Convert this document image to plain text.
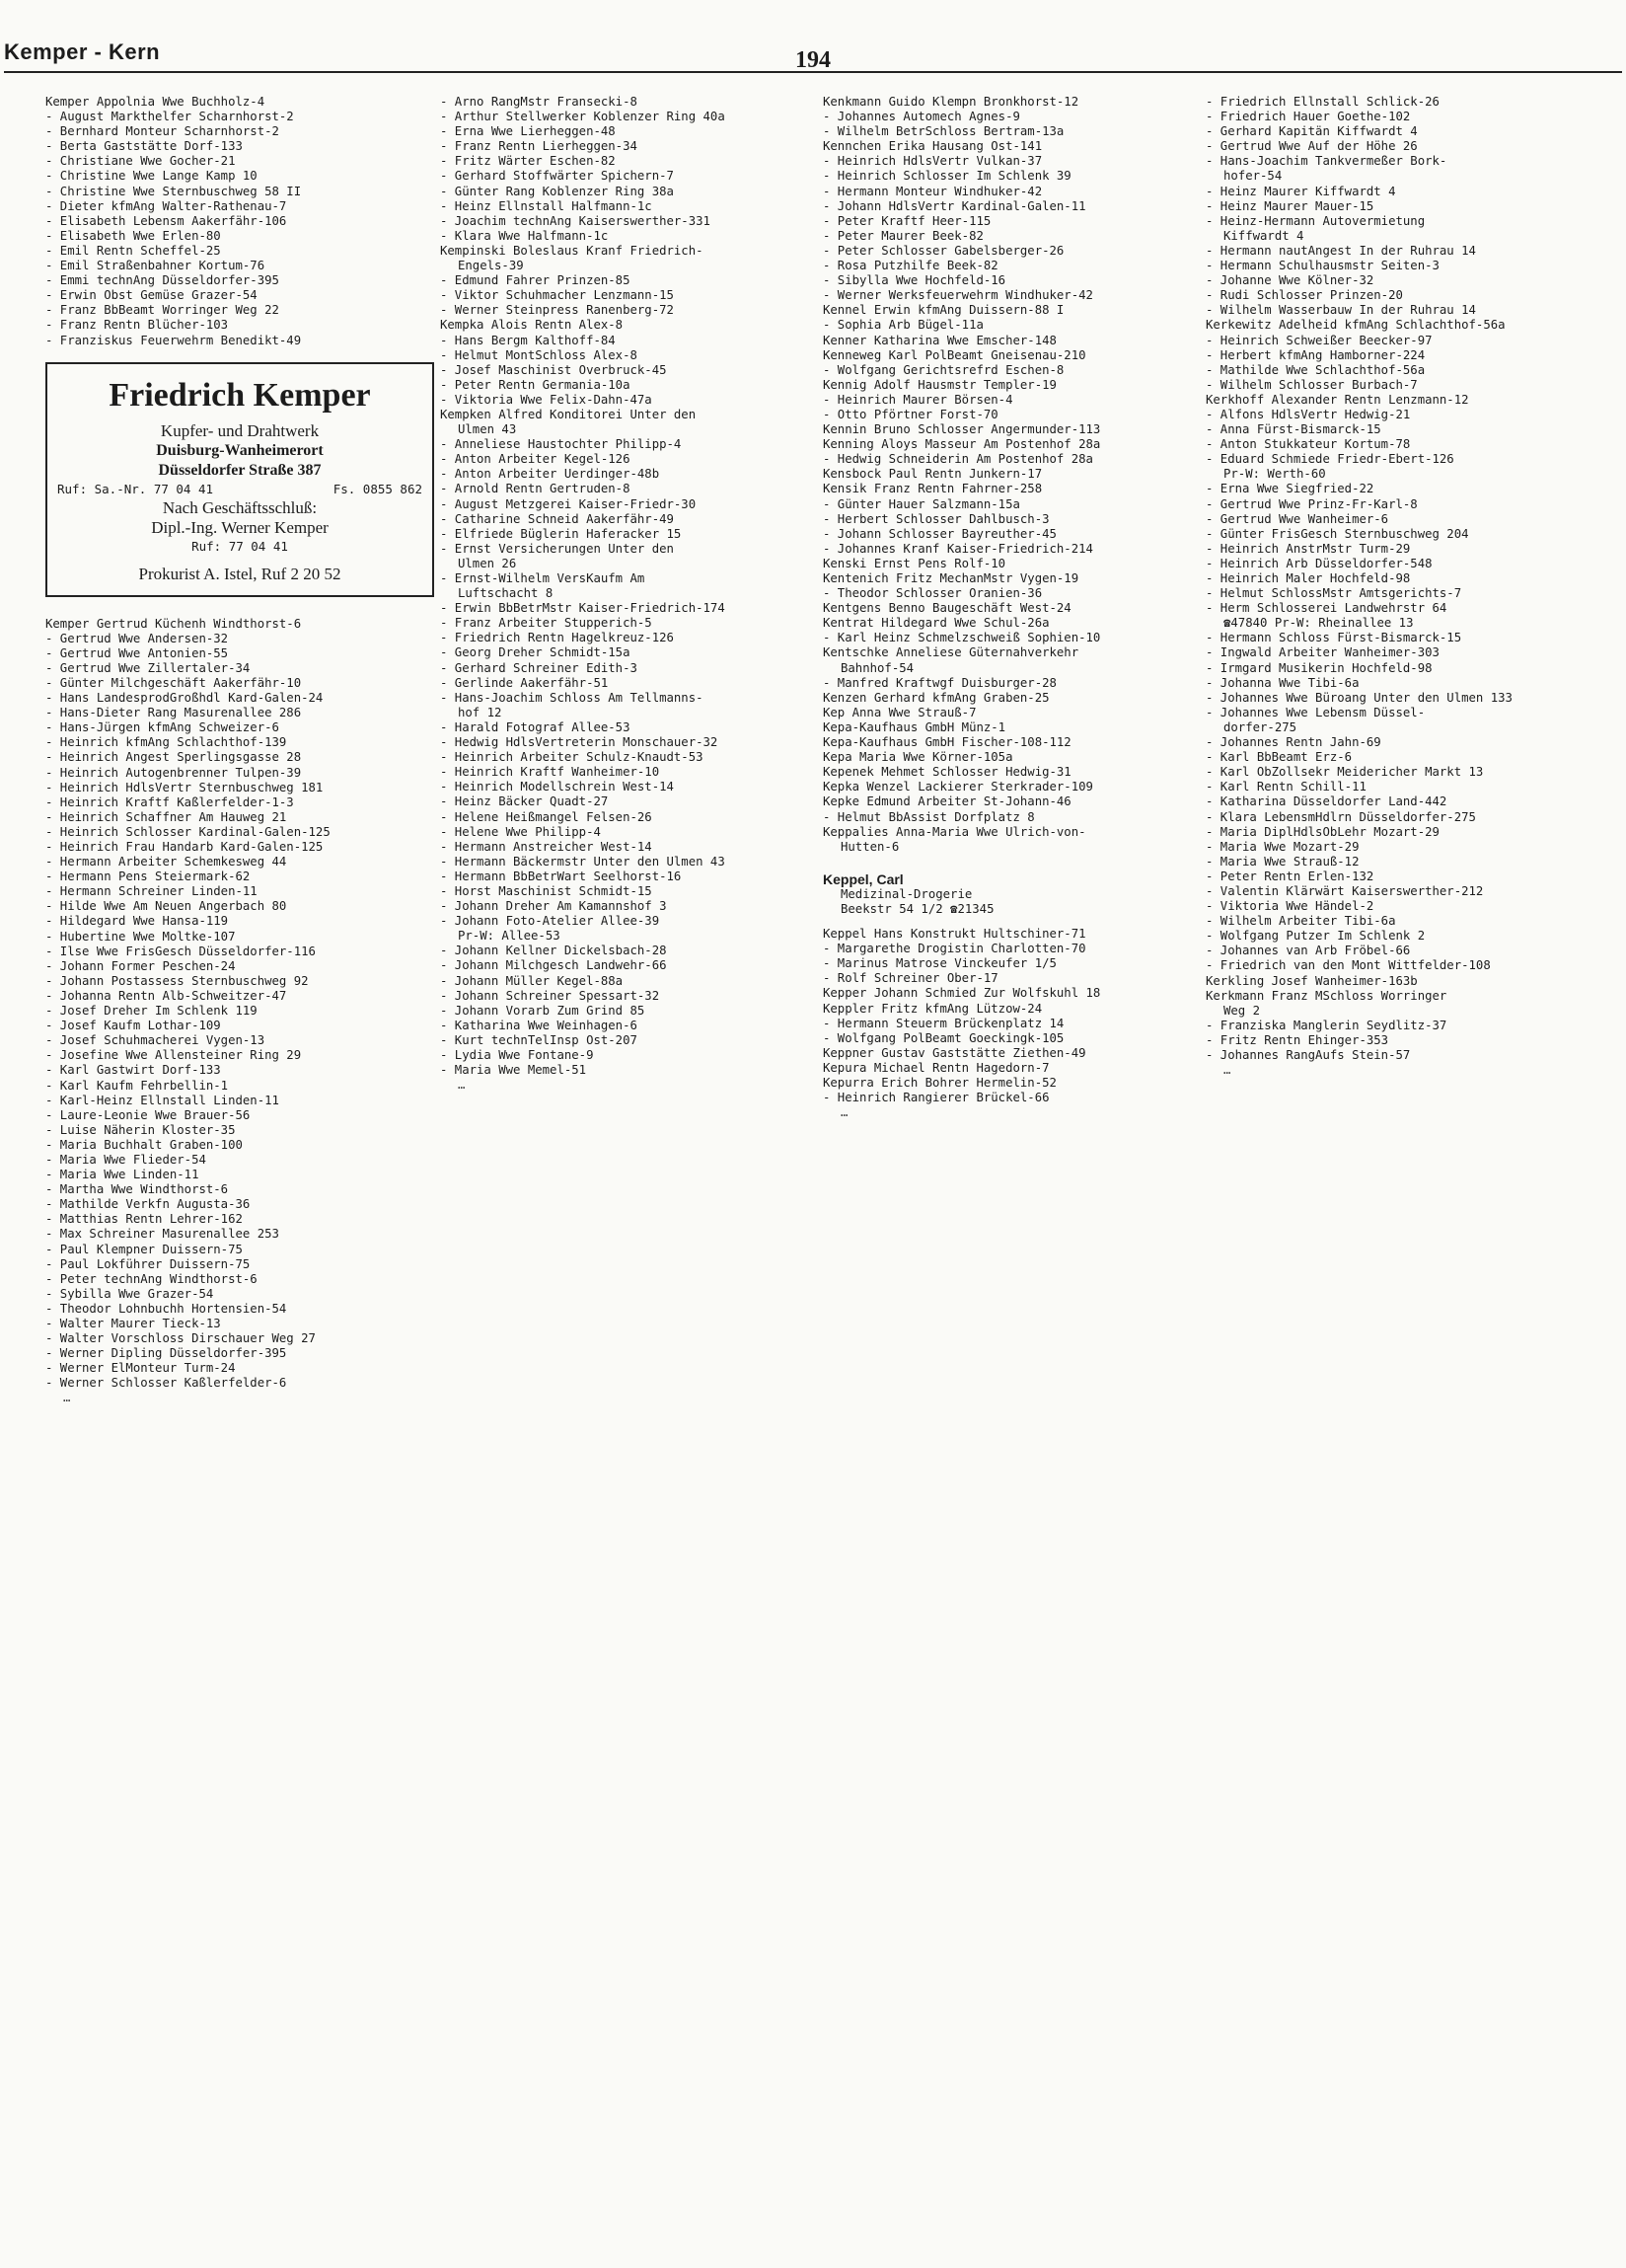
Kemper - Kern	194
Kemper Appolnia Wwe Buchholz-4
- August Markthelfer Scharnhorst-2
- Bernhard Monteur Scharnhorst-2
- Berta Gaststätte Dorf-133
- Christiane Wwe Gocher-21
- Christine Wwe Lange Kamp 10
- Christine Wwe Sternbuschweg 58 II
- Dieter kfmAng Walter-Rathenau-7
- Elisabeth Lebensm Aakerfähr-106
- Elisabeth Wwe Erlen-80
- Emil Rentn Scheffel-25
- Emil Straßenbahner Kortum-76
- Emmi technAng Düsseldorfer-395
- Erwin Obst Gemüse Grazer-54
- Franz BbBeamt Worringer Weg 22
- Franz Rentn Blücher-103
- Franziskus Feuerwehrm Benedikt-49
Friedrich Kemper
Kupfer- und Drahtwerk
Duisburg-Wanheimerort
Düsseldorfer Straße 387
Ruf: Sa.-Nr. 77 04 41	Fs. 0855 862
Nach Geschäftsschluß:
Dipl.-Ing. Werner Kemper
Ruf: 77 04 41
Prokurist A. Istel, Ruf 2 20 52
Kemper Gertrud Küchenh Windthorst-6
- Gertrud Wwe Andersen-32
- Gertrud Wwe Antonien-55
- Gertrud Wwe Zillertaler-34
- Günter Milchgeschäft Aakerfähr-10
- Hans LandesprodGroßhdl Kard-Galen-24
- Hans-Dieter Rang Masurenallee 286
- Hans-Jürgen kfmAng Schweizer-6
- Heinrich kfmAng Schlachthof-139
- Heinrich Angest Sperlingsgasse 28
- Heinrich Autogenbrenner Tulpen-39
- Heinrich HdlsVertr Sternbuschweg 181
- Heinrich Kraftf Kaßlerfelder-1-3
- Heinrich Schaffner Am Hauweg 21
- Heinrich Schlosser Kardinal-Galen-125
- Heinrich Frau Handarb Kard-Galen-125
- Hermann Arbeiter Schemkesweg 44
- Hermann Pens Steiermark-62
- Hermann Schreiner Linden-11
- Hilde Wwe Am Neuen Angerbach 80
- Hildegard Wwe Hansa-119
- Hubertine Wwe Moltke-107
- Ilse Wwe FrisGesch Düsseldorfer-116
- Johann Former Peschen-24
- Johann Postassess Sternbuschweg 92
- Johanna Rentn Alb-Schweitzer-47
- Josef Dreher Im Schlenk 119
- Josef Kaufm Lothar-109
- Josef Schuhmacherei Vygen-13
- Josefine Wwe Allensteiner Ring 29
- Karl Gastwirt Dorf-133
- Karl Kaufm Fehrbellin-1
- Karl-Heinz Ellnstall Linden-11
- Laure-Leonie Wwe Brauer-56
- Luise Näherin Kloster-35
- Maria Buchhalt Graben-100
- Maria Wwe Flieder-54
- Maria Wwe Linden-11
- Martha Wwe Windthorst-6
- Mathilde Verkfn Augusta-36
- Matthias Rentn Lehrer-162
- Max Schreiner Masurenallee 253
- Paul Klempner Duissern-75
- Paul Lokführer Duissern-75
- Peter technAng Windthorst-6
- Sybilla Wwe Grazer-54
- Theodor Lohnbuchh Hortensien-54
- Walter Maurer Tieck-13
- Walter Vorschloss Dirschauer Weg 27
- Werner Dipling Düsseldorfer-395
- Werner ElMonteur Turm-24
- Werner Schlosser Kaßlerfelder-6
…
- Arno RangMstr Fransecki-8
- Arthur Stellwerker Koblenzer Ring 40a
- Erna Wwe Lierheggen-48
- Franz Rentn Lierheggen-34
- Fritz Wärter Eschen-82
- Gerhard Stoffwärter Spichern-7
- Günter Rang Koblenzer Ring 38a
- Heinz Ellnstall Halfmann-1c
- Joachim technAng Kaiserswerther-331
- Klara Wwe Halfmann-1c
Kempinski Boleslaus Kranf Friedrich-
Engels-39
- Edmund Fahrer Prinzen-85
- Viktor Schuhmacher Lenzmann-15
- Werner Steinpress Ranenberg-72
Kempka Alois Rentn Alex-8
- Hans Bergm Kalthoff-84
- Helmut MontSchloss Alex-8
- Josef Maschinist Overbruck-45
- Peter Rentn Germania-10a
- Viktoria Wwe Felix-Dahn-47a
Kempken Alfred Konditorei Unter den
Ulmen 43
- Anneliese Haustochter Philipp-4
- Anton Arbeiter Kegel-126
- Anton Arbeiter Uerdinger-48b
- Arnold Rentn Gertruden-8
- August Metzgerei Kaiser-Friedr-30
- Catharine Schneid Aakerfähr-49
- Elfriede Büglerin Haferacker 15
- Ernst Versicherungen Unter den
Ulmen 26
- Ernst-Wilhelm VersKaufm Am
Luftschacht 8
- Erwin BbBetrMstr Kaiser-Friedrich-174
- Franz Arbeiter Stupperich-5
- Friedrich Rentn Hagelkreuz-126
- Georg Dreher Schmidt-15a
- Gerhard Schreiner Edith-3
- Gerlinde Aakerfähr-51
- Hans-Joachim Schloss Am Tellmanns-
hof 12
- Harald Fotograf Allee-53
- Hedwig HdlsVertreterin Monschauer-32
- Heinrich Arbeiter Schulz-Knaudt-53
- Heinrich Kraftf Wanheimer-10
- Heinrich Modellschrein West-14
- Heinz Bäcker Quadt-27
- Helene Heißmangel Felsen-26
- Helene Wwe Philipp-4
- Hermann Anstreicher West-14
- Hermann Bäckermstr Unter den Ulmen 43
- Hermann BbBetrWart Seelhorst-16
- Horst Maschinist Schmidt-15
- Johann Dreher Am Kamannshof 3
- Johann Foto-Atelier Allee-39
Pr-W: Allee-53
- Johann Kellner Dickelsbach-28
- Johann Milchgesch Landwehr-66
- Johann Müller Kegel-88a
- Johann Schreiner Spessart-32
- Johann Vorarb Zum Grind 85
- Katharina Wwe Weinhagen-6
- Kurt technTelInsp Ost-207
- Lydia Wwe Fontane-9
- Maria Wwe Memel-51
…
Kenkmann Guido Klempn Bronkhorst-12
- Johannes Automech Agnes-9
- Wilhelm BetrSchloss Bertram-13a
Kennchen Erika Hausang Ost-141
- Heinrich HdlsVertr Vulkan-37
- Heinrich Schlosser Im Schlenk 39
- Hermann Monteur Windhuker-42
- Johann HdlsVertr Kardinal-Galen-11
- Peter Kraftf Heer-115
- Peter Maurer Beek-82
- Peter Schlosser Gabelsberger-26
- Rosa Putzhilfe Beek-82
- Sibylla Wwe Hochfeld-16
- Werner Werksfeuerwehrm Windhuker-42
Kennel Erwin kfmAng Duissern-88 I
- Sophia Arb Bügel-11a
Kenner Katharina Wwe Emscher-148
Kenneweg Karl PolBeamt Gneisenau-210
- Wolfgang Gerichtsrefrd Eschen-8
Kennig Adolf Hausmstr Templer-19
- Heinrich Maurer Börsen-4
- Otto Pförtner Forst-70
Kennin Bruno Schlosser Angermunder-113
Kenning Aloys Masseur Am Postenhof 28a
- Hedwig Schneiderin Am Postenhof 28a
Kensbock Paul Rentn Junkern-17
Kensik Franz Rentn Fahrner-258
- Günter Hauer Salzmann-15a
- Herbert Schlosser Dahlbusch-3
- Johann Schlosser Bayreuther-45
- Johannes Kranf Kaiser-Friedrich-214
Kenski Ernst Pens Rolf-10
Kentenich Fritz MechanMstr Vygen-19
- Theodor Schlosser Oranien-36
Kentgens Benno Baugeschäft West-24
Kentrat Hildegard Wwe Schul-26a
- Karl Heinz Schmelzschweiß Sophien-10
Kentschke Anneliese Güternahverkehr
Bahnhof-54
- Manfred Kraftwgf Duisburger-28
Kenzen Gerhard kfmAng Graben-25
Kep Anna Wwe Strauß-7
Kepa-Kaufhaus GmbH Münz-1
Kepa-Kaufhaus GmbH Fischer-108-112
Kepa Maria Wwe Körner-105a
Kepenek Mehmet Schlosser Hedwig-31
Kepka Wenzel Lackierer Sterkrader-109
Kepke Edmund Arbeiter St-Johann-46
- Helmut BbAssist Dorfplatz 8
Keppalies Anna-Maria Wwe Ulrich-von-
Hutten-6
Keppel, Carl
Medizinal-Drogerie
Beekstr 54 1/2 ☎21345
Keppel Hans Konstrukt Hultschiner-71
- Margarethe Drogistin Charlotten-70
- Marinus Matrose Vinckeufer 1/5
- Rolf Schreiner Ober-17
Kepper Johann Schmied Zur Wolfskuhl 18
Keppler Fritz kfmAng Lützow-24
- Hermann Steuerm Brückenplatz 14
- Wolfgang PolBeamt Goeckingk-105
Keppner Gustav Gaststätte Ziethen-49
Kepura Michael Rentn Hagedorn-7
Kepurra Erich Bohrer Hermelin-52
- Heinrich Rangierer Brückel-66
…
- Friedrich Ellnstall Schlick-26
- Friedrich Hauer Goethe-102
- Gerhard Kapitän Kiffwardt 4
- Gertrud Wwe Auf der Höhe 26
- Hans-Joachim Tankvermeßer Bork-
hofer-54
- Heinz Maurer Kiffwardt 4
- Heinz Maurer Mauer-15
- Heinz-Hermann Autovermietung
Kiffwardt 4
- Hermann nautAngest In der Ruhrau 14
- Hermann Schulhausmstr Seiten-3
- Johanne Wwe Kölner-32
- Rudi Schlosser Prinzen-20
- Wilhelm Wasserbauw In der Ruhrau 14
Kerkewitz Adelheid kfmAng Schlachthof-56a
- Heinrich Schweißer Beecker-97
- Herbert kfmAng Hamborner-224
- Mathilde Wwe Schlachthof-56a
- Wilhelm Schlosser Burbach-7
Kerkhoff Alexander Rentn Lenzmann-12
- Alfons HdlsVertr Hedwig-21
- Anna Fürst-Bismarck-15
- Anton Stukkateur Kortum-78
- Eduard Schmiede Friedr-Ebert-126
Pr-W: Werth-60
- Erna Wwe Siegfried-22
- Gertrud Wwe Prinz-Fr-Karl-8
- Gertrud Wwe Wanheimer-6
- Günter FrisGesch Sternbuschweg 204
- Heinrich AnstrMstr Turm-29
- Heinrich Arb Düsseldorfer-548
- Heinrich Maler Hochfeld-98
- Helmut SchlossMstr Amtsgerichts-7
- Herm Schlosserei Landwehrstr 64
☎47840 Pr-W: Rheinallee 13
- Hermann Schloss Fürst-Bismarck-15
- Ingwald Arbeiter Wanheimer-303
- Irmgard Musikerin Hochfeld-98
- Johanna Wwe Tibi-6a
- Johannes Wwe Büroang Unter den Ulmen 133
- Johannes Wwe Lebensm Düssel-
dorfer-275
- Johannes Rentn Jahn-69
- Karl BbBeamt Erz-6
- Karl ObZollsekr Meidericher Markt 13
- Karl Rentn Schill-11
- Katharina Düsseldorfer Land-442
- Klara LebensmHdlrn Düsseldorfer-275
- Maria DiplHdlsObLehr Mozart-29
- Maria Wwe Mozart-29
- Maria Wwe Strauß-12
- Peter Rentn Erlen-132
- Valentin Klärwärt Kaiserswerther-212
- Viktoria Wwe Händel-2
- Wilhelm Arbeiter Tibi-6a
- Wolfgang Putzer Im Schlenk 2
- Johannes van Arb Fröbel-66
- Friedrich van den Mont Wittfelder-108
Kerkling Josef Wanheimer-163b
Kerkmann Franz MSchloss Worringer
Weg 2
- Franziska Manglerin Seydlitz-37
- Fritz Rentn Ehinger-353
- Johannes RangAufs Stein-57
…
